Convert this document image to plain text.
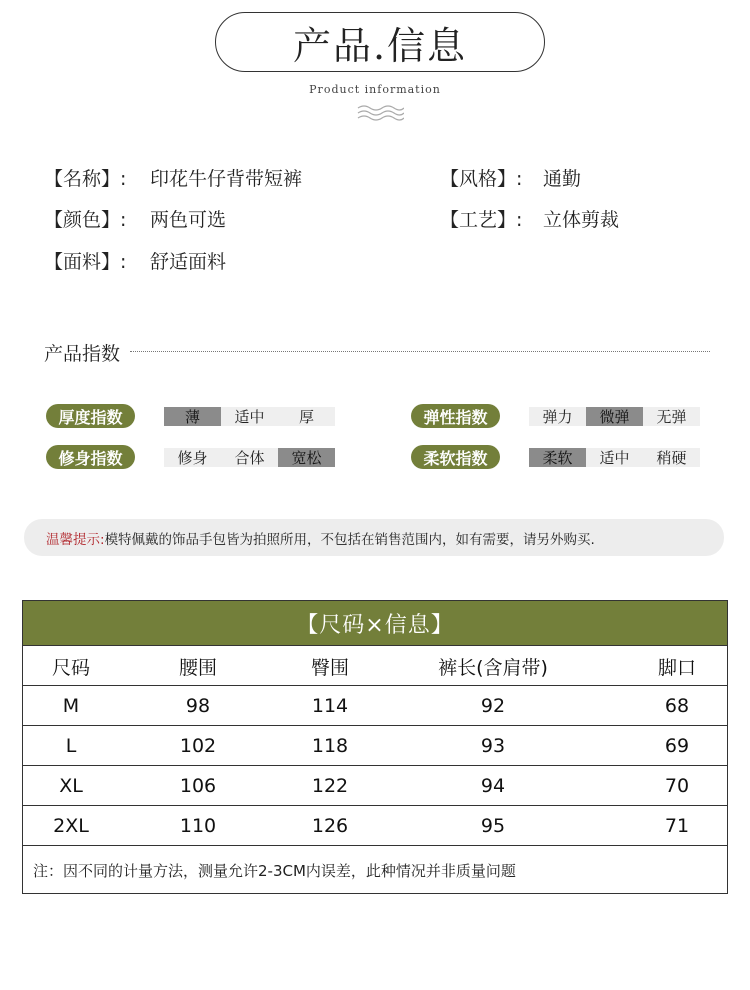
产品.信息
Product information
【名称】: 印花牛仔背带短裤	【风格】: 通勤
【颜色】: 两色可选	【工艺】: 立体剪裁
【面料】: 舒适面料
产品指数
厚度指数	薄	适中	厚	弹性指数	弹力	微弹	无弹
修身指数	修身	合体	宽松	柔软指数	柔软	适中	稍硬
温馨提示: 模特佩戴的饰品手包皆为拍照所用，不包括在销售范围内，如有需要，请另外购买.
【尺码×信息】
尺码	腰围	臀围	裤长(含肩带)	脚口
M	98	114	92	68
L	102	118	93	69
XL	106	122	94	70
2XL	110	126	95	71
注：因不同的计量方法，测量允许2-3CM内误差，此种情况并非质量问题
